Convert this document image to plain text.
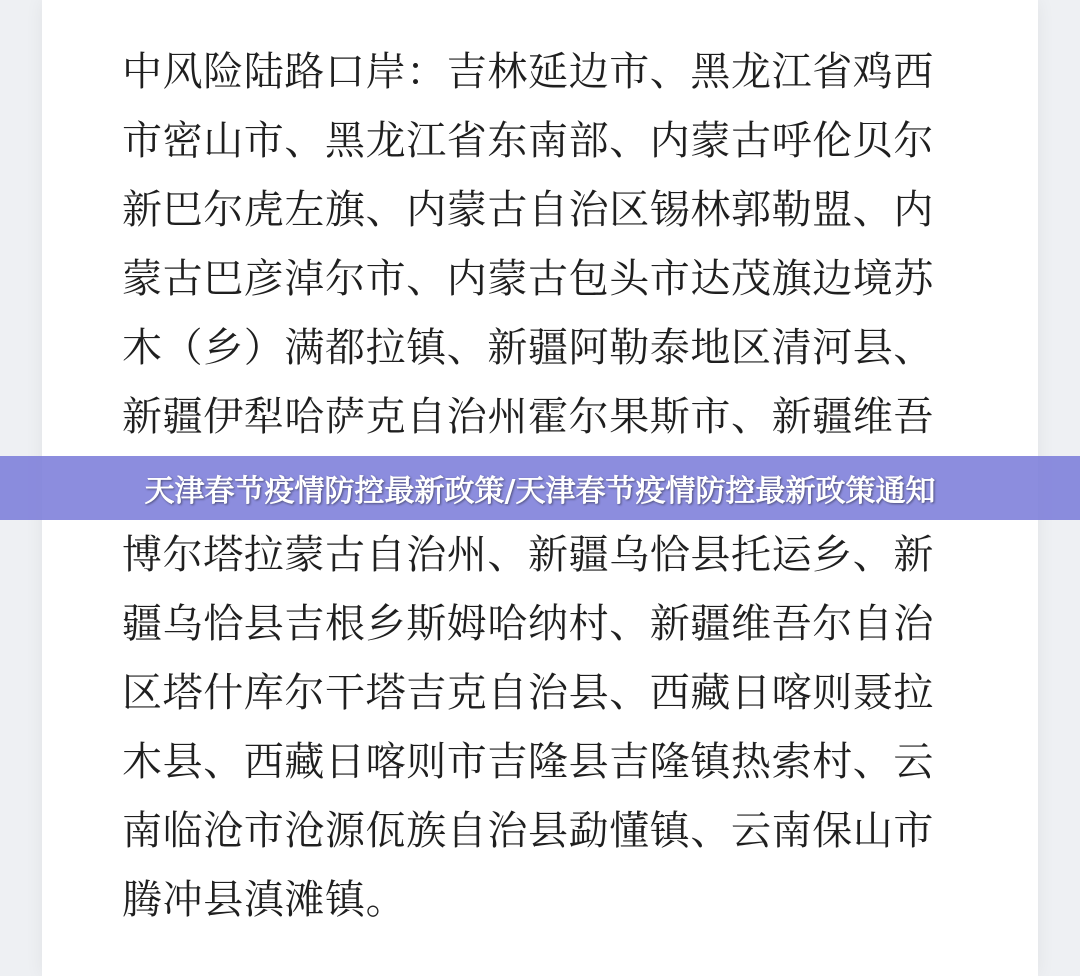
中风险陆路口岸：吉林延边市、黑龙江省鸡西
市密山市、黑龙江省东南部、内蒙古呼伦贝尔
新巴尔虎左旗、内蒙古自治区锡林郭勒盟、内
蒙古巴彦淖尔市、内蒙古包头市达茂旗边境苏
木（乡）满都拉镇、新疆阿勒泰地区清河县、
新疆伊犁哈萨克自治州霍尔果斯市、新疆维吾
博尔塔拉蒙古自治州、新疆乌恰县托运乡、新
疆乌恰县吉根乡斯姆哈纳村、新疆维吾尔自治
区塔什库尔干塔吉克自治县、西藏日喀则聂拉
木县、西藏日喀则市吉隆县吉隆镇热索村、云
南临沧市沧源佤族自治县勐懂镇、云南保山市
腾冲县滇滩镇。
天津春节疫情防控最新政策/天津春节疫情防控最新政策通知
